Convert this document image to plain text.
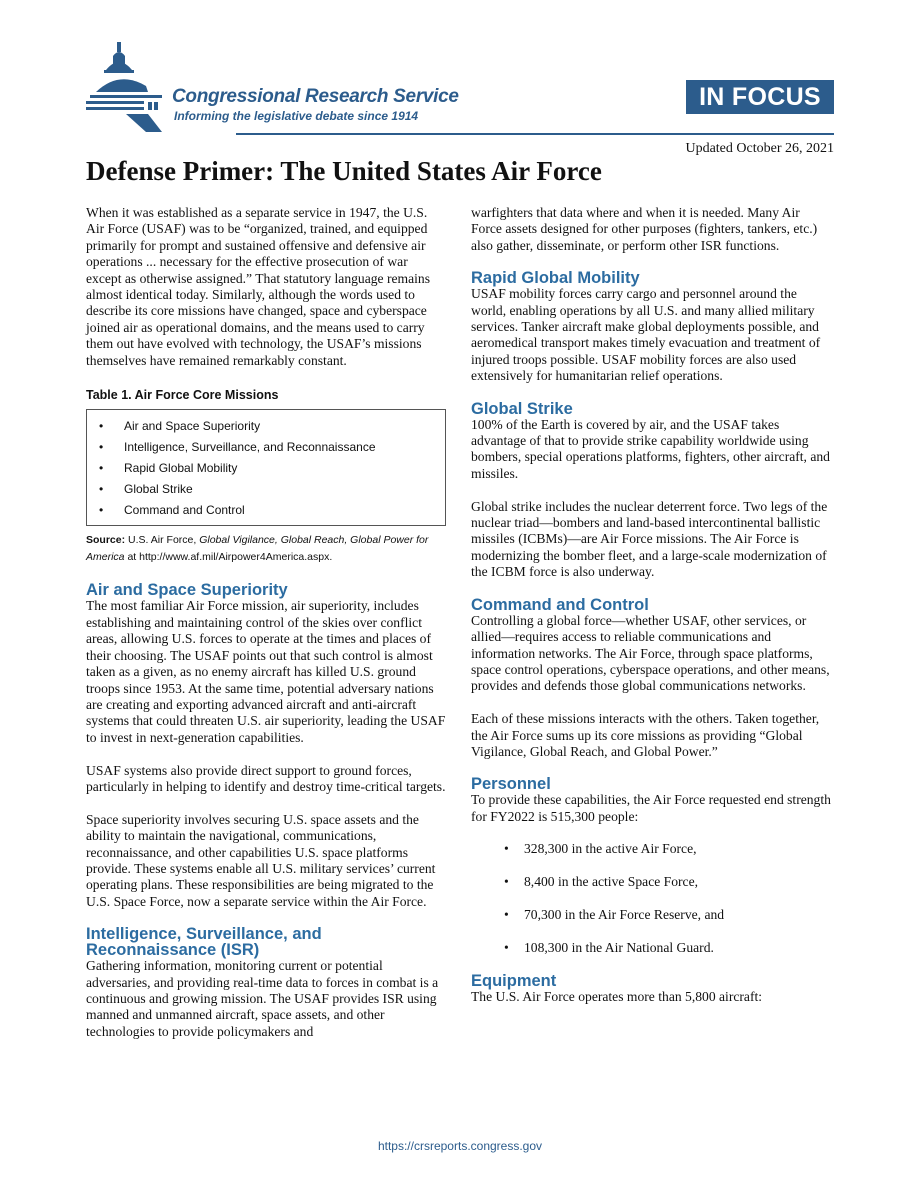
Congressional Research Service
Informing the legislative debate since 1914
IN FOCUS
Updated October 26, 2021
Defense Primer: The United States Air Force

When it was established as a separate service in 1947, the U.S. Air Force (USAF) was to be “organized, trained, and equipped primarily for prompt and sustained offensive and defensive air operations ... necessary for the effective prosecution of war except as otherwise assigned.” That statutory language remains almost identical today. Similarly, although the words used to describe its core missions have changed, space and cyberspace joined air as operational domains, and the means used to carry them out have evolved with technology, the USAF’s missions themselves have remained remarkably constant.

Table 1. Air Force Core Missions
• Air and Space Superiority
• Intelligence, Surveillance, and Reconnaissance
• Rapid Global Mobility
• Global Strike
• Command and Control
Source: U.S. Air Force, Global Vigilance, Global Reach, Global Power for America at http://www.af.mil/Airpower4America.aspx.
Air and Space Superiority

The most familiar Air Force mission, air superiority, includes establishing and maintaining control of the skies over conflict areas, allowing U.S. forces to operate at the times and places of their choosing. The USAF points out that such control is almost taken as a given, as no enemy aircraft has killed U.S. ground troops since 1953. At the same time, potential adversary nations are creating and exporting advanced aircraft and anti-aircraft systems that could threaten U.S. air superiority, leading the USAF to invest in next-generation capabilities.

USAF systems also provide direct support to ground forces, particularly in helping to identify and destroy time-critical targets.

Space superiority involves securing U.S. space assets and the ability to maintain the navigational, communications, reconnaissance, and other capabilities U.S. space platforms provide. These systems enable all U.S. military services’ current operating plans. These responsibilities are being migrated to the U.S. Space Force, now a separate service within the Air Force.

Intelligence, Surveillance, and Reconnaissance (ISR)

Gathering information, monitoring current or potential adversaries, and providing real-time data to forces in combat is a continuous and growing mission. The USAF provides ISR using manned and unmanned aircraft, space assets, and other technologies to provide policymakers and

warfighters that data where and when it is needed. Many Air Force assets designed for other purposes (fighters, tankers, etc.) also gather, disseminate, or perform other ISR functions.

Rapid Global Mobility

USAF mobility forces carry cargo and personnel around the world, enabling operations by all U.S. and many allied military services. Tanker aircraft make global deployments possible, and aeromedical transport makes timely evacuation and treatment of injured troops possible. USAF mobility forces are also used extensively for humanitarian relief operations.

Global Strike

100% of the Earth is covered by air, and the USAF takes advantage of that to provide strike capability worldwide using bombers, special operations platforms, fighters, other aircraft, and missiles.

Global strike includes the nuclear deterrent force. Two legs of the nuclear triad—bombers and land-based intercontinental ballistic missiles (ICBMs)—are Air Force missions. The Air Force is modernizing the bomber fleet, and a large-scale modernization of the ICBM force is also underway.

Command and Control

Controlling a global force—whether USAF, other services, or allied—requires access to reliable communications and information networks. The Air Force, through space platforms, space control operations, cyberspace operations, and other means, provides and defends those global communications networks.

Each of these missions interacts with the others. Taken together, the Air Force sums up its core missions as providing “Global Vigilance, Global Reach, and Global Power.”

Personnel

To provide these capabilities, the Air Force requested end strength for FY2022 is 515,300 people:

• 328,300 in the active Air Force,
• 8,400 in the active Space Force,
• 70,300 in the Air Force Reserve, and
• 108,300 in the Air National Guard.
Equipment

The U.S. Air Force operates more than 5,800 aircraft:

https://crsreports.congress.gov
